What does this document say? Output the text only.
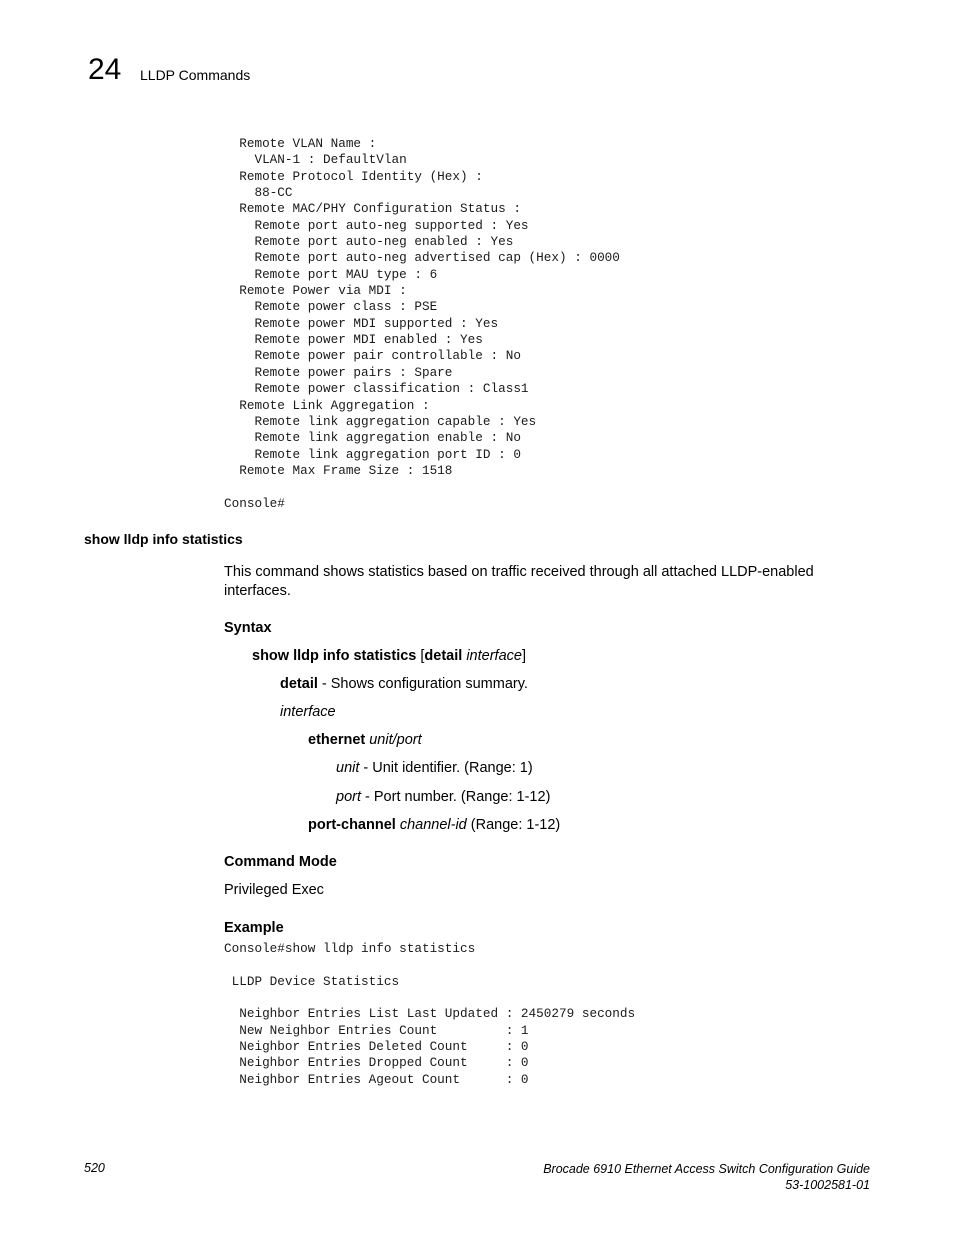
24 LLDP Commands
Remote VLAN Name :
VLAN-1 : DefaultVlan
Remote Protocol Identity (Hex) :
88-CC
Remote MAC/PHY Configuration Status :
Remote port auto-neg supported : Yes
Remote port auto-neg enabled : Yes
Remote port auto-neg advertised cap (Hex) : 0000
Remote port MAU type : 6
Remote Power via MDI :
Remote power class : PSE
Remote power MDI supported : Yes
Remote power MDI enabled : Yes
Remote power pair controllable : No
Remote power pairs : Spare
Remote power classification : Class1
Remote Link Aggregation :
Remote link aggregation capable : Yes
Remote link aggregation enable : No
Remote link aggregation port ID : 0
Remote Max Frame Size : 1518

Console#
show lldp info statistics
This command shows statistics based on traffic received through all attached LLDP-enabled interfaces.
Syntax
show lldp info statistics [detail interface]
detail - Shows configuration summary.
interface
ethernet unit/port
unit - Unit identifier. (Range: 1)
port - Port number. (Range: 1-12)
port-channel channel-id (Range: 1-12)
Command Mode
Privileged Exec
Example
Console#show lldp info statistics

LLDP Device Statistics

Neighbor Entries List Last Updated : 2450279 seconds
New Neighbor Entries Count         : 1
Neighbor Entries Deleted Count     : 0
Neighbor Entries Dropped Count     : 0
Neighbor Entries Ageout Count      : 0
520	Brocade 6910 Ethernet Access Switch Configuration Guide
53-1002581-01
